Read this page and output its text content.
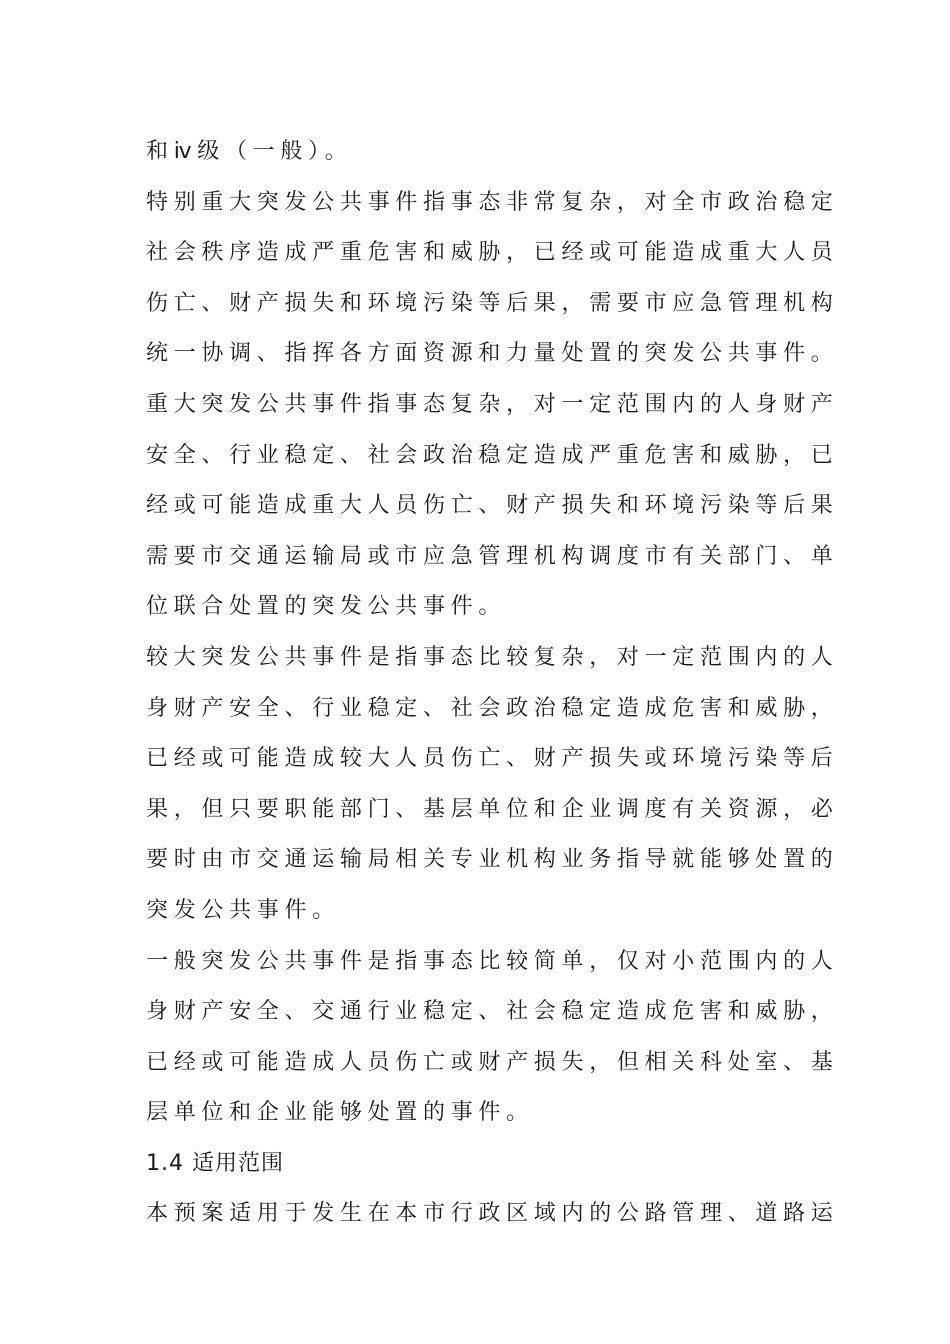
和ⅳ级（一般）。
特别重大突发公共事件指事态非常复杂，对全市政治稳定
社会秩序造成严重危害和威胁，已经或可能造成重大人员
伤亡、财产损失和环境污染等后果，需要市应急管理机构
统一协调、指挥各方面资源和力量处置的突发公共事件。
重大突发公共事件指事态复杂，对一定范围内的人身财产
安全、行业稳定、社会政治稳定造成严重危害和威胁，已
经或可能造成重大人员伤亡、财产损失和环境污染等后果
需要市交通运输局或市应急管理机构调度市有关部门、单
位联合处置的突发公共事件。
较大突发公共事件是指事态比较复杂，对一定范围内的人
身财产安全、行业稳定、社会政治稳定造成危害和威胁，
已经或可能造成较大人员伤亡、财产损失或环境污染等后
果，但只要职能部门、基层单位和企业调度有关资源，必
要时由市交通运输局相关专业机构业务指导就能够处置的
突发公共事件。
一般突发公共事件是指事态比较简单，仅对小范围内的人
身财产安全、交通行业稳定、社会稳定造成危害和威胁，
已经或可能造成人员伤亡或财产损失，但相关科处室、基
层单位和企业能够处置的事件。
1.4 适用范围
本预案适用于发生在本市行政区域内的公路管理、道路运
